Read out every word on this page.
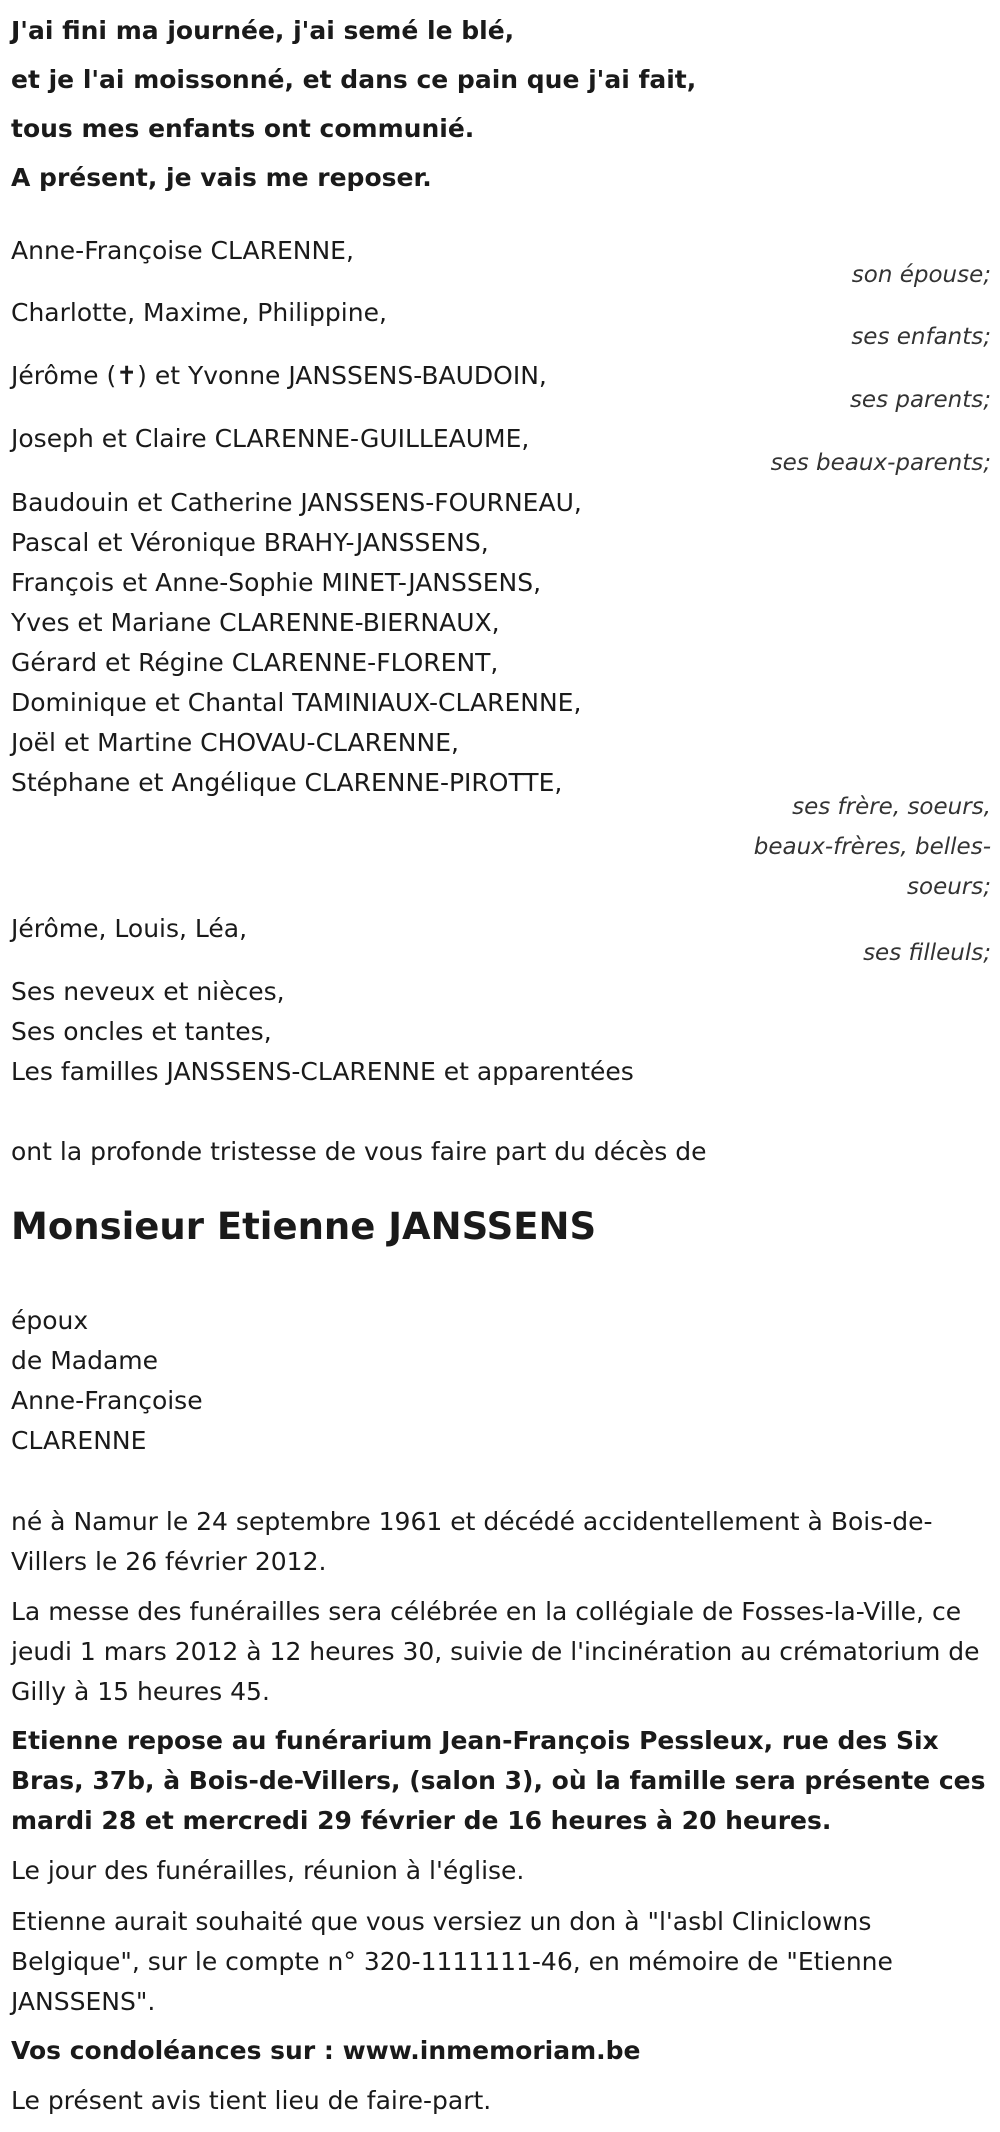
J'ai fini ma journée, j'ai semé le blé,
et je l'ai moissonné, et dans ce pain que j'ai fait,
tous mes enfants ont communié.
A présent, je vais me reposer.
Anne-Françoise CLARENNE,
son épouse;
Charlotte, Maxime, Philippine,
ses enfants;
Jérôme (✝) et Yvonne JANSSENS-BAUDOIN,
ses parents;
Joseph et Claire CLARENNE-GUILLEAUME,
ses beaux-parents;
Baudouin et Catherine JANSSENS-FOURNEAU,
Pascal et Véronique BRAHY-JANSSENS,
François et Anne-Sophie MINET-JANSSENS,
Yves et Mariane CLARENNE-BIERNAUX,
Gérard et Régine CLARENNE-FLORENT,
Dominique et Chantal TAMINIAUX-CLARENNE,
Joël et Martine CHOVAU-CLARENNE,
Stéphane et Angélique CLARENNE-PIROTTE,
ses frère, soeurs,
beaux-frères, belles-
soeurs;
Jérôme, Louis, Léa,
ses filleuls;
Ses neveux et nièces,
Ses oncles et tantes,
Les familles JANSSENS-CLARENNE et apparentées
ont la profonde tristesse de vous faire part du décès de
Monsieur Etienne JANSSENS
époux
de Madame
Anne-Françoise
CLARENNE
né à Namur le 24 septembre 1961 et décédé accidentellement à Bois-de-Villers le 26 février 2012.
La messe des funérailles sera célébrée en la collégiale de Fosses-la-Ville, ce jeudi 1 mars 2012 à 12 heures 30, suivie de l'incinération au crématorium de Gilly à 15 heures 45.
Etienne repose au funérarium Jean-François Pessleux, rue des Six Bras, 37b, à Bois-de-Villers, (salon 3), où la famille sera présente ces mardi 28 et mercredi 29 février de 16 heures à 20 heures.
Le jour des funérailles, réunion à l'église.
Etienne aurait souhaité que vous versiez un don à "l'asbl Cliniclowns Belgique", sur le compte n° 320-1111111-46, en mémoire de "Etienne JANSSENS".
Vos condoléances sur : www.inmemoriam.be
Le présent avis tient lieu de faire-part.
